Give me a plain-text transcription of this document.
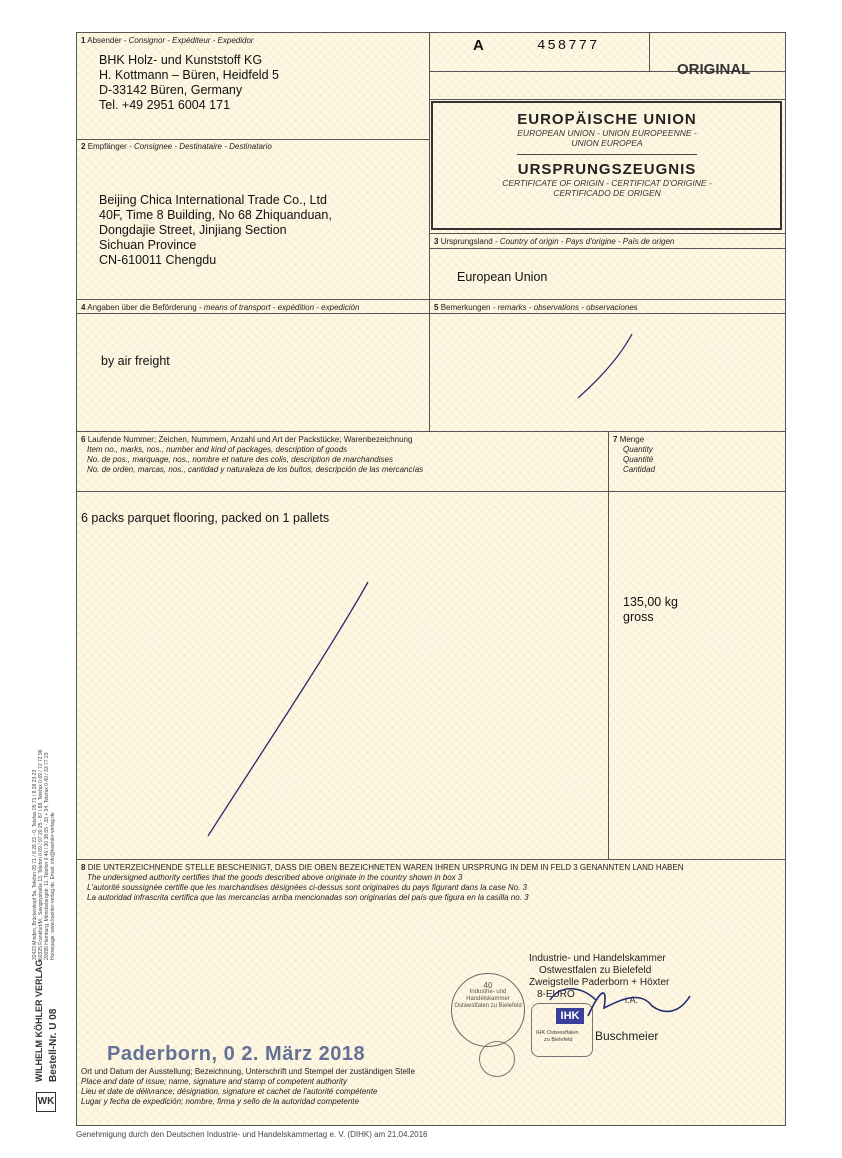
1 Absender - Consignor - Expéditeur - Expedidor
BHK Holz- und Kunststoff KG
H. Kottmann – Büren, Heidfeld 5
D-33142 Büren, Germany
Tel. +49 2951 6004 171
A	458777
ORIGINAL
EUROPÄISCHE UNION
EUROPEAN UNION - UNION EUROPEENNE -
UNION EUROPEA
URSPRUNGSZEUGNIS
CERTIFICATE OF ORIGIN - CERTIFICAT D'ORIGINE -
CERTIFICADO DE ORIGEN
2 Empfänger - Consignee - Destinataire - Destinatario
Beijing Chica International Trade Co., Ltd
40F, Time 8 Building, No 68 Zhiquanduan,
Dongdajie Street, Jinjiang Section
Sichuan Province
CN-610011 Chengdu
3 Ursprungsland - Country of origin - Pays d'origine - País de origen
European Union
4 Angaben über die Beförderung - means of transport - expédition - expedición
by air freight
5 Bemerkungen - remarks - observations - observaciones
6 Laufende Nummer; Zeichen, Nummern, Anzahl und Art der Packstücke; Warenbezeichnung
Item no., marks, nos., number and kind of packages, description of goods
No. de pos., marquage, nos., nombre et nature des colis, description de marchandises
No. de orden, marcas, nos., cantidad y naturaleza de los bultos, descripción de las mercancías
6 packs parquet flooring, packed on 1 pallets
7 Menge
Quantity
Quantité
Cantidad
135,00 kg
gross
8 DIE UNTERZEICHNENDE STELLE BESCHEINIGT, DASS DIE OBEN BEZEICHNETEN WAREN IHREN URSPRUNG IN DEM IN FELD 3 GENANNTEN LAND HABEN
The undersigned authority certifies that the goods described above originate in the country shown in box 3
L'autorité soussignée certifie que les marchandises désignées ci-dessus sont originaires du pays figurant dans la case No. 3
La autoridad infrascrita certifica que las mercancías arriba mencionadas son originarias del país que figura en la casilla no. 3
Industrie- und Handelskammer
Ostwestfalen zu Bielefeld
Zweigstelle Paderborn + Höxter
8-EURO	i.A.
Buschmeier
40
Industrie- und
Handelskammer
Ostwestfalen zu Bielefeld
IHK
IHK Ostwestfalen
zu Bielefeld
Paderborn, 0 2. März 2018
Ort und Datum der Ausstellung; Bezeichnung, Unterschrift und Stempel der zuständigen Stelle
Place and date of issue; name, signature and stamp of competent authority
Lieu et date de délivrance; désignation, signature et cachet de l'autorité compétente
Lugar y fecha de expedición; nombre, firma y sello de la autoridad competente
Genehmigung durch den Deutschen Industrie- und Handelskammertag e. V. (DIHK) am 21.04.2016
WK
WILHELM KÖHLER VERLAG Bestell-Nr. U 08
32423 Minden, Brückenkopf 5a, Telefon 05 71 / 8 28 23 - 0, Telefax 05 71 / 8 28 23 23 60325 Frankfurt/M., Savignystraße 13, Telefon 0 69 / 97 20 25 - 87 / 88, Telefax 0 69 / 72 72 96 20095 Hamburg, Mönckebergstr. 11, Telefon 0 40 / 30 38 65 - 33 + 34, Telefax 0 40 / 33 77 23 Homepage: www.koehler-verlag.de, Email: info@koehler-verlag.de
